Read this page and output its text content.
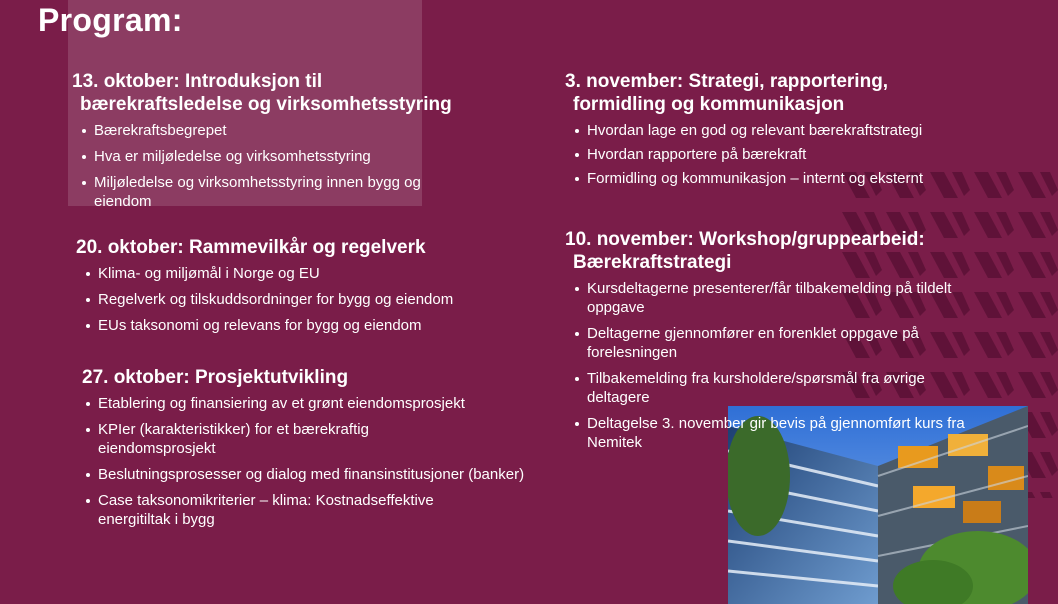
Program:
13. oktober: Introduksjon til
bærekraftsledelse og virksomhetsstyring
Bærekraftsbegrepet
Hva er miljøledelse og virksomhetsstyring
Miljøledelse og virksomhetsstyring innen bygg og eiendom
20. oktober: Rammevilkår og regelverk
Klima- og miljømål i Norge og EU
Regelverk og tilskuddsordninger for bygg og eiendom
EUs taksonomi og relevans for bygg og eiendom
27. oktober: Prosjektutvikling
Etablering og finansiering av et grønt eiendomsprosjekt
KPIer (karakteristikker) for et bærekraftig eiendomsprosjekt
Beslutningsprosesser og dialog med finansinstitusjoner (banker)
Case taksonomikriterier – klima: Kostnadseffektive energitiltak i bygg
3. november: Strategi, rapportering,
formidling og kommunikasjon
Hvordan lage en god og relevant bærekraftstrategi
Hvordan rapportere på bærekraft
Formidling og kommunikasjon – internt og eksternt
10. november: Workshop/gruppearbeid:
Bærekraftstrategi
Kursdeltagerne presenterer/får tilbakemelding på tildelt oppgave
Deltagerne gjennomfører en forenklet oppgave på forelesningen
Tilbakemelding fra kursholdere/spørsmål fra øvrige deltagere
Deltagelse 3. november gir bevis på gjennomført kurs fra Nemitek
